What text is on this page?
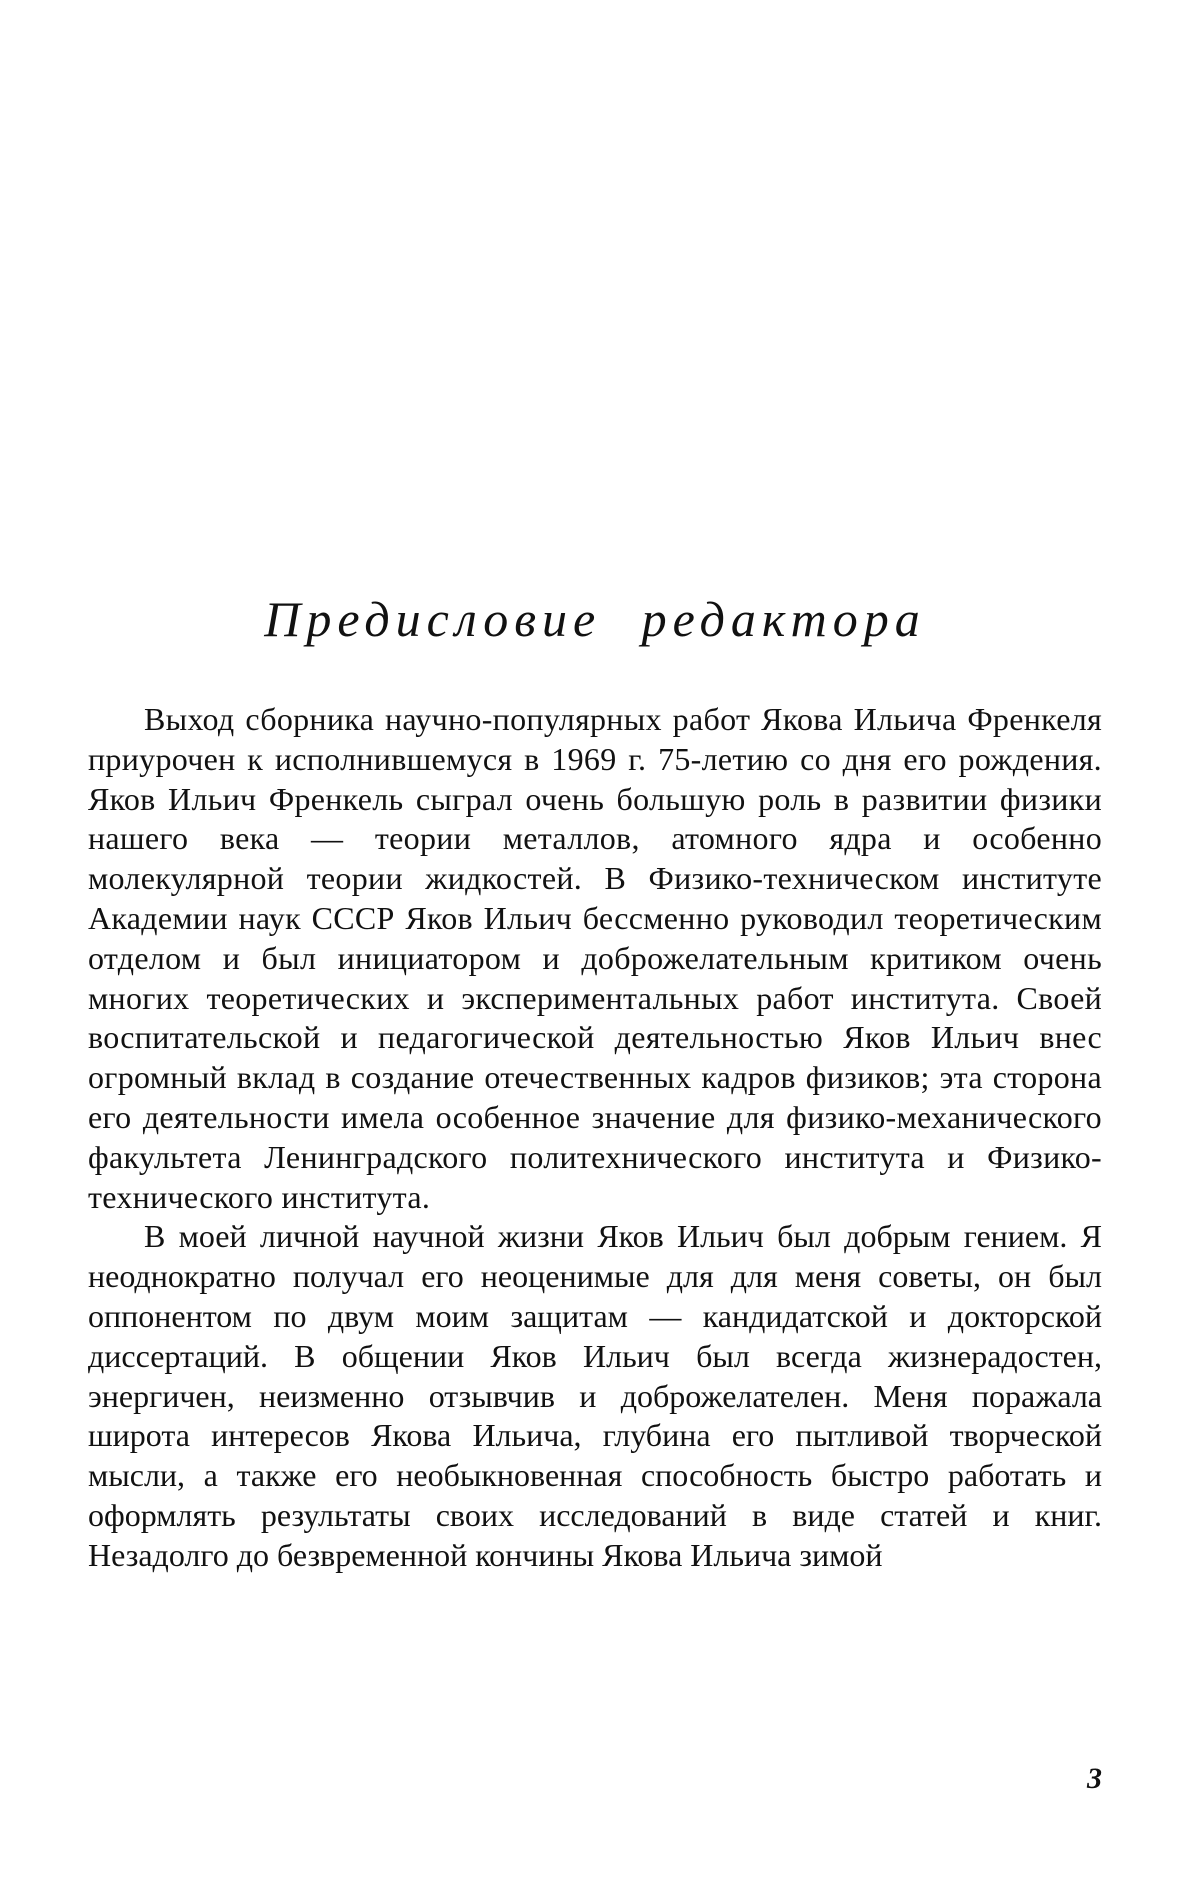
Предисловие редактора

Выход сборника научно-популярных работ Якова Ильича Френкеля приурочен к исполнившемуся в 1969 г. 75-летию со дня его рождения. Яков Ильич Френкель сыграл очень большую роль в развитии физики нашего века — теории металлов, атомного ядра и особенно молекулярной теории жидкостей. В Физико-техническом институте Академии наук СССР Яков Ильич бессменно руководил теоретическим отделом и был инициатором и доброжелательным критиком очень многих теоретических и экспериментальных работ института. Своей воспитательской и педагогической деятельностью Яков Ильич внес огромный вклад в создание отечественных кадров физиков; эта сторона его деятельности имела особенное значение для физико-механического факультета Ленинградского политехнического института и Физико-технического института.

В моей личной научной жизни Яков Ильич был добрым гением. Я неоднократно получал его неоценимые для для меня советы, он был оппонентом по двум моим защитам — кандидатской и докторской диссертаций. В общении Яков Ильич был всегда жизнерадостен, энергичен, неизменно отзывчив и доброжелателен. Меня поражала широта интересов Якова Ильича, глубина его пытливой творческой мысли, а также его необыкновенная способность быстро работать и оформлять результаты своих исследований в виде статей и книг. Незадолго до безвременной кончины Якова Ильича зимой

3
